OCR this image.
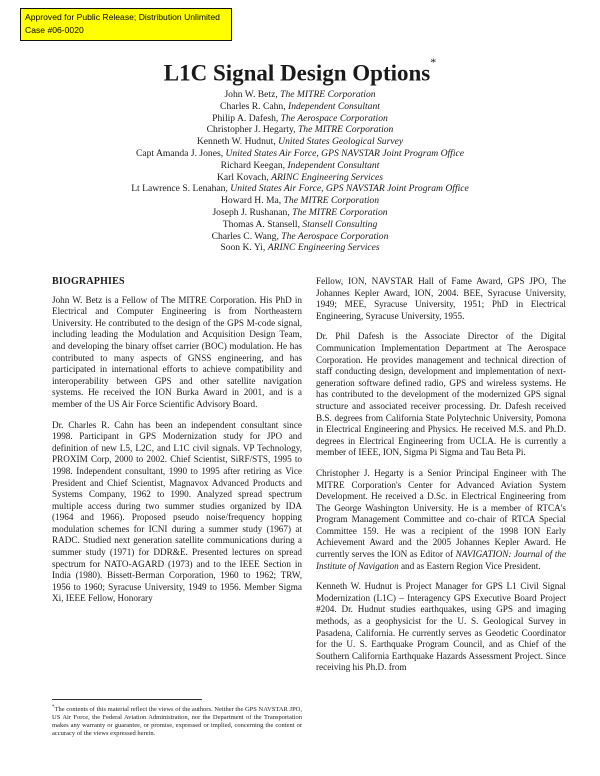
Approved for Public Release; Distribution Unlimited
Case #06-0020
L1C Signal Design Options*
John W. Betz, The MITRE Corporation
Charles R. Cahn, Independent Consultant
Philip A. Dafesh, The Aerospace Corporation
Christopher J. Hegarty, The MITRE Corporation
Kenneth W. Hudnut, United States Geological Survey
Capt Amanda J. Jones, United States Air Force, GPS NAVSTAR Joint Program Office
Richard Keegan, Independent Consultant
Karl Kovach, ARINC Engineering Services
Lt Lawrence S. Lenahan, United States Air Force, GPS NAVSTAR Joint Program Office
Howard H. Ma, The MITRE Corporation
Joseph J. Rushanan, The MITRE Corporation
Thomas A. Stansell, Stansell Consulting
Charles C. Wang, The Aerospace Corporation
Soon K. Yi, ARINC Engineering Services
BIOGRAPHIES

John W. Betz is a Fellow of The MITRE Corporation. His PhD in Electrical and Computer Engineering is from Northeastern University. He contributed to the design of the GPS M-code signal, including leading the Modulation and Acquisition Design Team, and developing the binary offset carrier (BOC) modulation. He has contributed to many aspects of GNSS engineering, and has participated in international efforts to achieve compatibility and interoperability between GPS and other satellite navigation systems. He received the ION Burka Award in 2001, and is a member of the US Air Force Scientific Advisory Board.

Dr. Charles R. Cahn has been an independent consultant since 1998. Participant in GPS Modernization study for JPO and definition of new L5, L2C, and L1C civil signals. VP Technology, PROXIM Corp, 2000 to 2002. Chief Scientist, SiRF/STS, 1995 to 1998. Independent consultant, 1990 to 1995 after retiring as Vice President and Chief Scientist, Magnavox Advanced Products and Systems Company, 1962 to 1990. Analyzed spread spectrum multiple access during two summer studies organized by IDA (1964 and 1966). Proposed pseudo noise/frequency hopping modulation schemes for ICNI during a summer study (1967) at RADC. Studied next generation satellite communications during a summer study (1971) for DDR&E. Presented lectures on spread spectrum for NATO-AGARD (1973) and to the IEEE Section in India (1980). Bissett-Berman Corporation, 1960 to 1962; TRW, 1956 to 1960; Syracuse University, 1949 to 1956. Member Sigma Xi, IEEE Fellow, Honorary

Fellow, ION, NAVSTAR Hall of Fame Award, GPS JPO, The Johannes Kepler Award, ION, 2004. BEE, Syracuse University, 1949; MEE, Syracuse University, 1951; PhD in Electrical Engineering, Syracuse University, 1955.

Dr. Phil Dafesh is the Associate Director of the Digital Communication Implementation Department at The Aerospace Corporation. He provides management and technical direction of staff conducting design, development and implementation of next-generation software defined radio, GPS and wireless systems. He has contributed to the development of the modernized GPS signal structure and associated receiver processing. Dr. Dafesh received B.S. degrees from California State Polytechnic University, Pomona in Electrical Engineering and Physics. He received M.S. and Ph.D. degrees in Electrical Engineering from UCLA. He is currently a member of IEEE, ION, Sigma Pi Sigma and Tau Beta Pi.

Christopher J. Hegarty is a Senior Principal Engineer with The MITRE Corporation's Center for Advanced Aviation System Development. He received a D.Sc. in Electrical Engineering from The George Washington University. He is a member of RTCA's Program Management Committee and co-chair of RTCA Special Committee 159. He was a recipient of the 1998 ION Early Achievement Award and the 2005 Johannes Kepler Award. He currently serves the ION as Editor of NAVIGATION: Journal of the Institute of Navigation and as Eastern Region Vice President.

Kenneth W. Hudnut is Project Manager for GPS L1 Civil Signal Modernization (L1C) – Interagency GPS Executive Board Project #204. Dr. Hudnut studies earthquakes, using GPS and imaging methods, as a geophysicist for the U. S. Geological Survey in Pasadena, California. He currently serves as Geodetic Coordinator for the U. S. Earthquake Program Council, and as Chief of the Southern California Earthquake Hazards Assessment Project. Since receiving his Ph.D. from

*The contents of this material reflect the views of the authors. Neither the GPS NAVSTAR JPO, US Air Force, the Federal Aviation Administration, nor the Department of the Transportation makes any warranty or guarantee, or promise, expressed or implied, concerning the content or accuracy of the views expressed herein.
